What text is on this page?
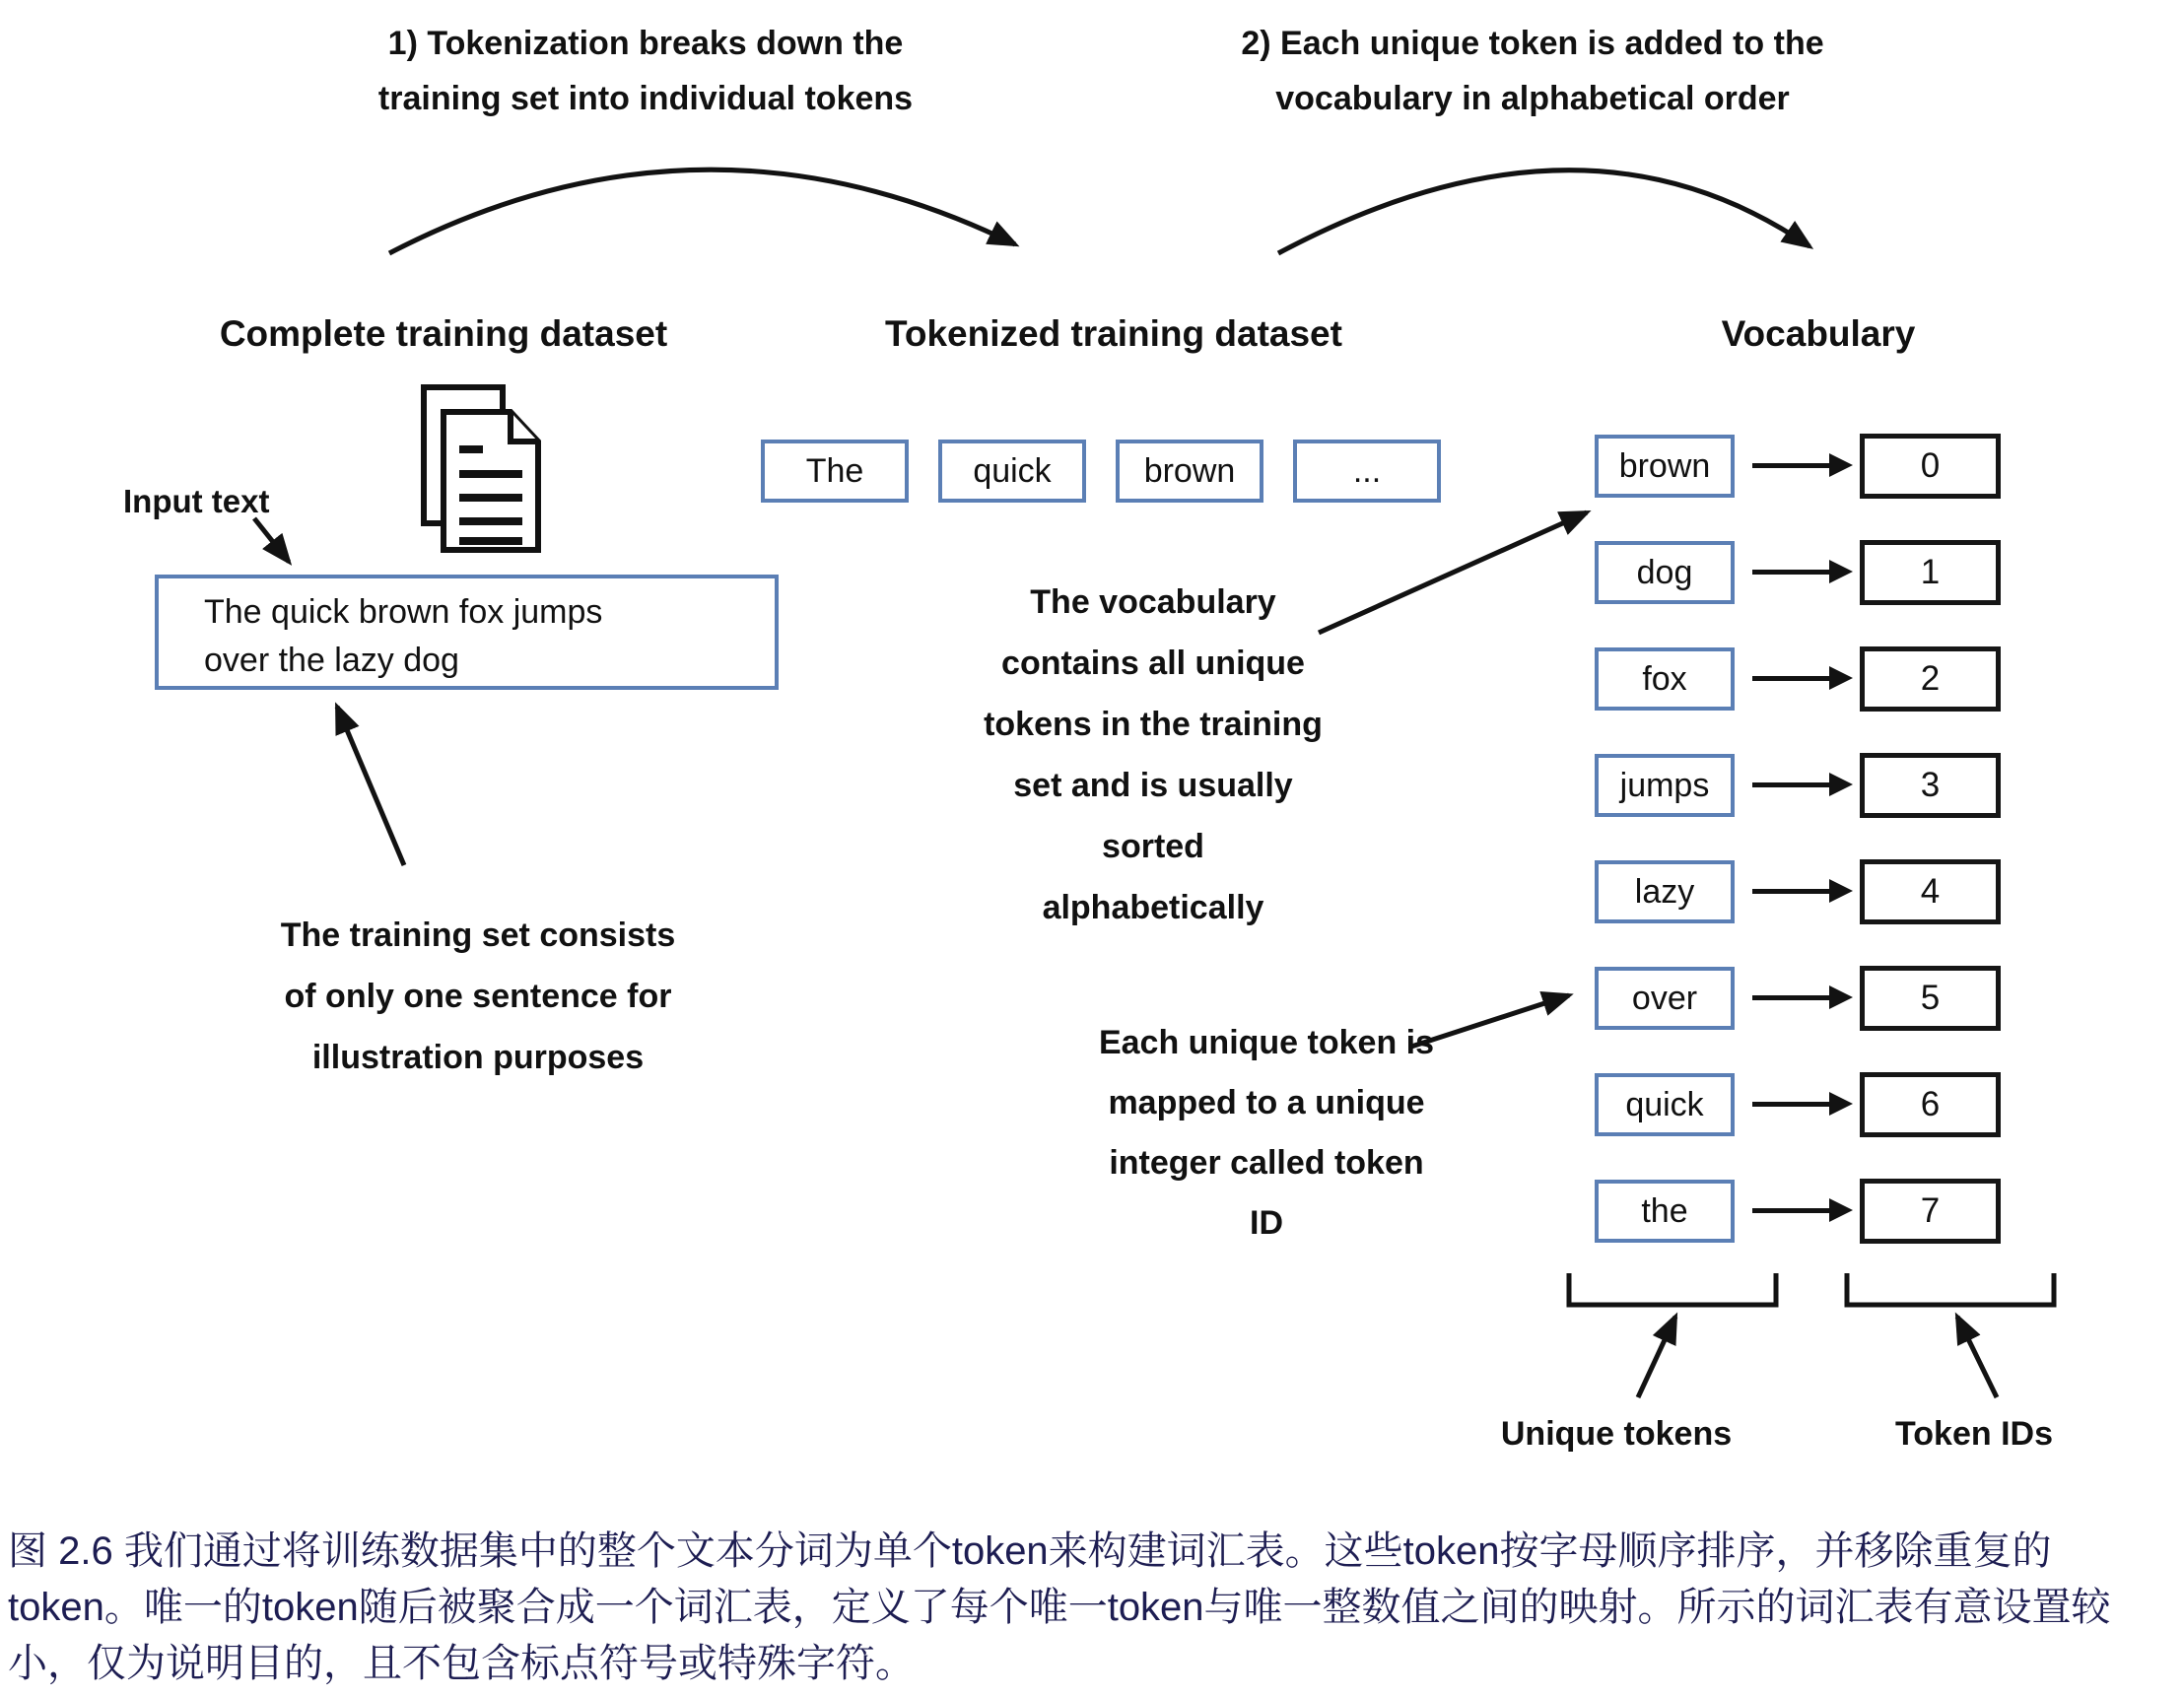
1) Tokenization breaks down the
training set into individual tokens
2) Each unique token is added to the
vocabulary in alphabetical order
Complete training dataset	Tokenized training dataset	Vocabulary
Input text
The quick brown fox jumps
over the lazy dog
The training set consists
of only one sentence for
illustration purposes
The	quick	brown	...
The vocabulary
contains all unique
tokens in the training
set and is usually
sorted
alphabetically
Each unique token is
mapped to a unique
integer called token
ID
brown	0
dog	1
fox	2
jumps	3
lazy	4
over	5
quick	6
the	7
Unique tokens	Token IDs
图 2.6 我们通过将训练数据集中的整个文本分词为单个token来构建词汇表。这些token按字母顺序排序，并移除重复的token。唯一的token随后被聚合成一个词汇表，定义了每个唯一token与唯一整数值之间的映射。所示的词汇表有意设置较小，仅为说明目的，且不包含标点符号或特殊字符。
